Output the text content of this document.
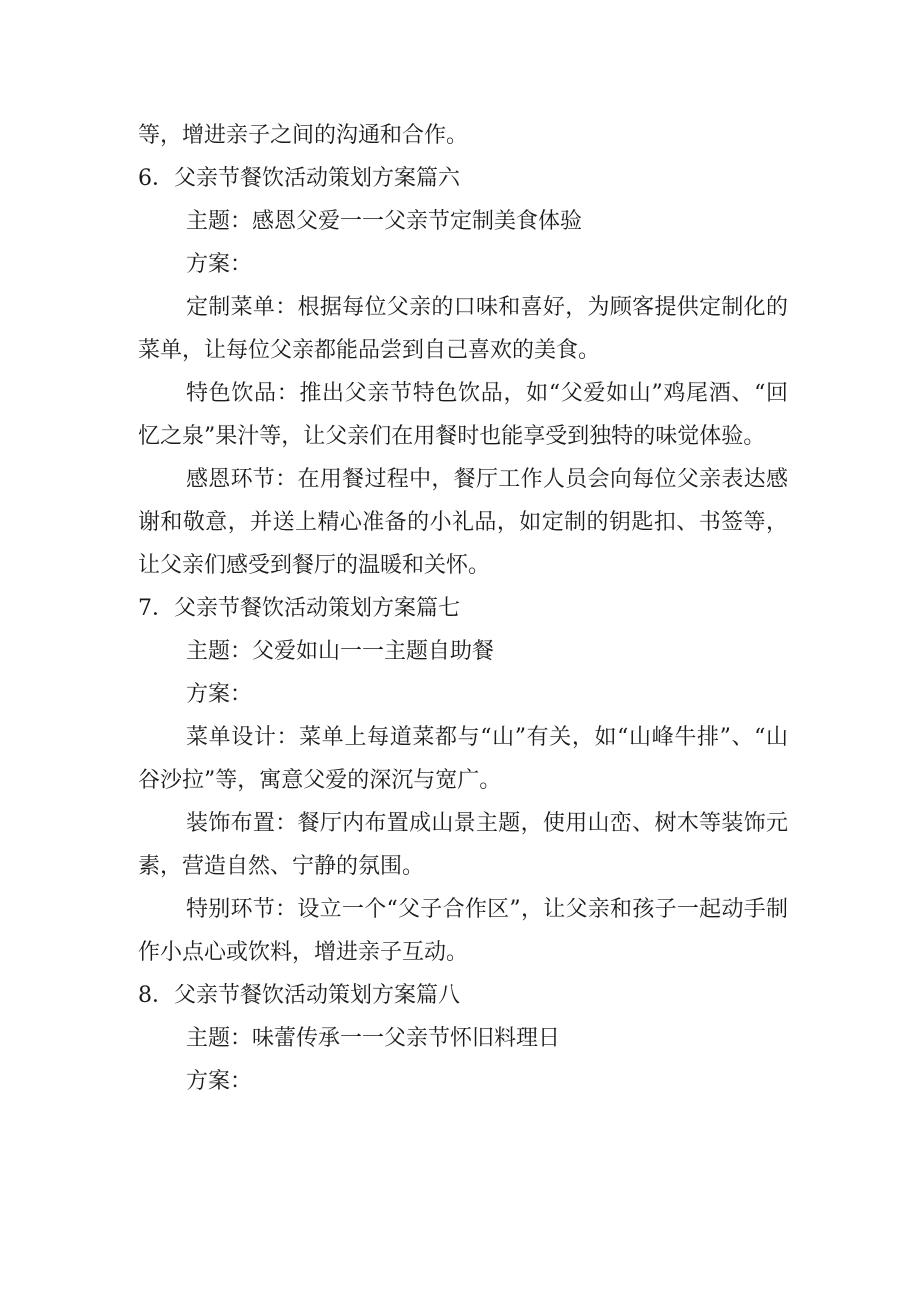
等，增进亲子之间的沟通和合作。

6．父亲节餐饮活动策划方案篇六

主题：感恩父爱一一父亲节定制美食体验

方案：

定制菜单：根据每位父亲的口味和喜好，为顾客提供定制化的菜单，让每位父亲都能品尝到自己喜欢的美食。

特色饮品：推出父亲节特色饮品，如“父爱如山”鸡尾酒、“回忆之泉”果汁等，让父亲们在用餐时也能享受到独特的味觉体验。

感恩环节：在用餐过程中，餐厅工作人员会向每位父亲表达感谢和敬意，并送上精心准备的小礼品，如定制的钥匙扣、书签等，让父亲们感受到餐厅的温暖和关怀。

7．父亲节餐饮活动策划方案篇七

主题：父爱如山一一主题自助餐

方案：

菜单设计：菜单上每道菜都与“山”有关，如“山峰牛排”、“山谷沙拉”等，寓意父爱的深沉与宽广。

装饰布置：餐厅内布置成山景主题，使用山峦、树木等装饰元素，营造自然、宁静的氛围。

特别环节：设立一个“父子合作区”，让父亲和孩子一起动手制作小点心或饮料，增进亲子互动。

8．父亲节餐饮活动策划方案篇八

主题：味蕾传承一一父亲节怀旧料理日

方案：
